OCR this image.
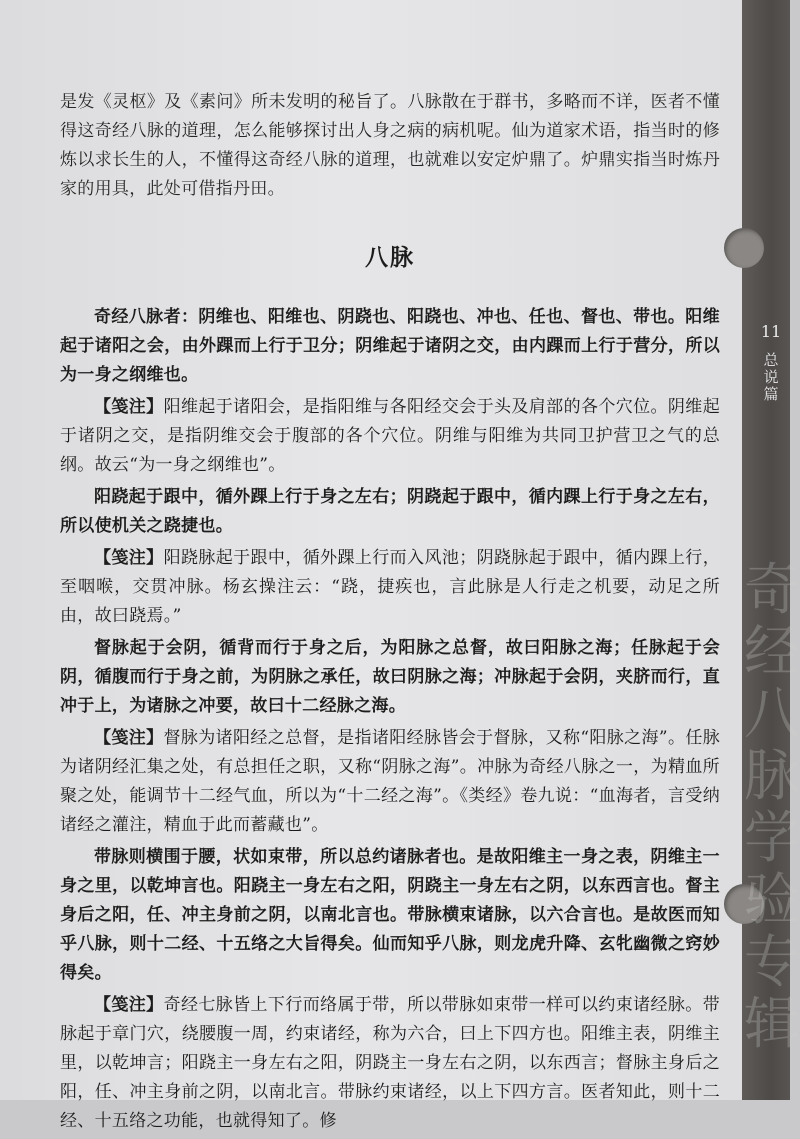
11
总说篇
奇经八脉学验专辑

是发《灵枢》及《素问》所未发明的秘旨了。八脉散在于群书，多略而不详，医者不懂得这奇经八脉的道理，怎么能够探讨出人身之病的病机呢。仙为道家术语，指当时的修炼以求长生的人，不懂得这奇经八脉的道理，也就难以安定炉鼎了。炉鼎实指当时炼丹家的用具，此处可借指丹田。

八脉

奇经八脉者：阴维也、阳维也、阴跷也、阳跷也、冲也、任也、督也、带也。阳维起于诸阳之会，由外踝而上行于卫分；阴维起于诸阴之交，由内踝而上行于营分，所以为一身之纲维也。

【笺注】阳维起于诸阳会，是指阳维与各阳经交会于头及肩部的各个穴位。阴维起于诸阴之交，是指阴维交会于腹部的各个穴位。阴维与阳维为共同卫护营卫之气的总纲。故云“为一身之纲维也”。

阳跷起于跟中，循外踝上行于身之左右；阴跷起于跟中，循内踝上行于身之左右，所以使机关之跷捷也。

【笺注】阳跷脉起于跟中，循外踝上行而入风池；阴跷脉起于跟中，循内踝上行，至咽喉，交贯冲脉。杨玄操注云：“跷，捷疾也，言此脉是人行走之机要，动足之所由，故曰跷焉。”

督脉起于会阴，循背而行于身之后，为阳脉之总督，故曰阳脉之海；任脉起于会阴，循腹而行于身之前，为阴脉之承任，故曰阴脉之海；冲脉起于会阴，夹脐而行，直冲于上，为诸脉之冲要，故曰十二经脉之海。

【笺注】督脉为诸阳经之总督，是指诸阳经脉皆会于督脉，又称“阳脉之海”。任脉为诸阴经汇集之处，有总担任之职，又称“阴脉之海”。冲脉为奇经八脉之一，为精血所聚之处，能调节十二经气血，所以为“十二经之海”。《类经》卷九说：“血海者，言受纳诸经之灌注，精血于此而蓄藏也”。

带脉则横围于腰，状如束带，所以总约诸脉者也。是故阳维主一身之表，阴维主一身之里，以乾坤言也。阳跷主一身左右之阳，阴跷主一身左右之阴，以东西言也。督主身后之阳，任、冲主身前之阴，以南北言也。带脉横束诸脉，以六合言也。是故医而知乎八脉，则十二经、十五络之大旨得矣。仙而知乎八脉，则龙虎升降、玄牝幽微之窍妙得矣。

【笺注】奇经七脉皆上下行而络属于带，所以带脉如束带一样可以约束诸经脉。带脉起于章门穴，绕腰腹一周，约束诸经，称为六合，曰上下四方也。阳维主表，阴维主里，以乾坤言；阳跷主一身左右之阳，阴跷主一身左右之阴，以东西言；督脉主身后之阳，任、冲主身前之阴，以南北言。带脉约束诸经，以上下四方言。医者知此，则十二经、十五络之功能，也就得知了。修
